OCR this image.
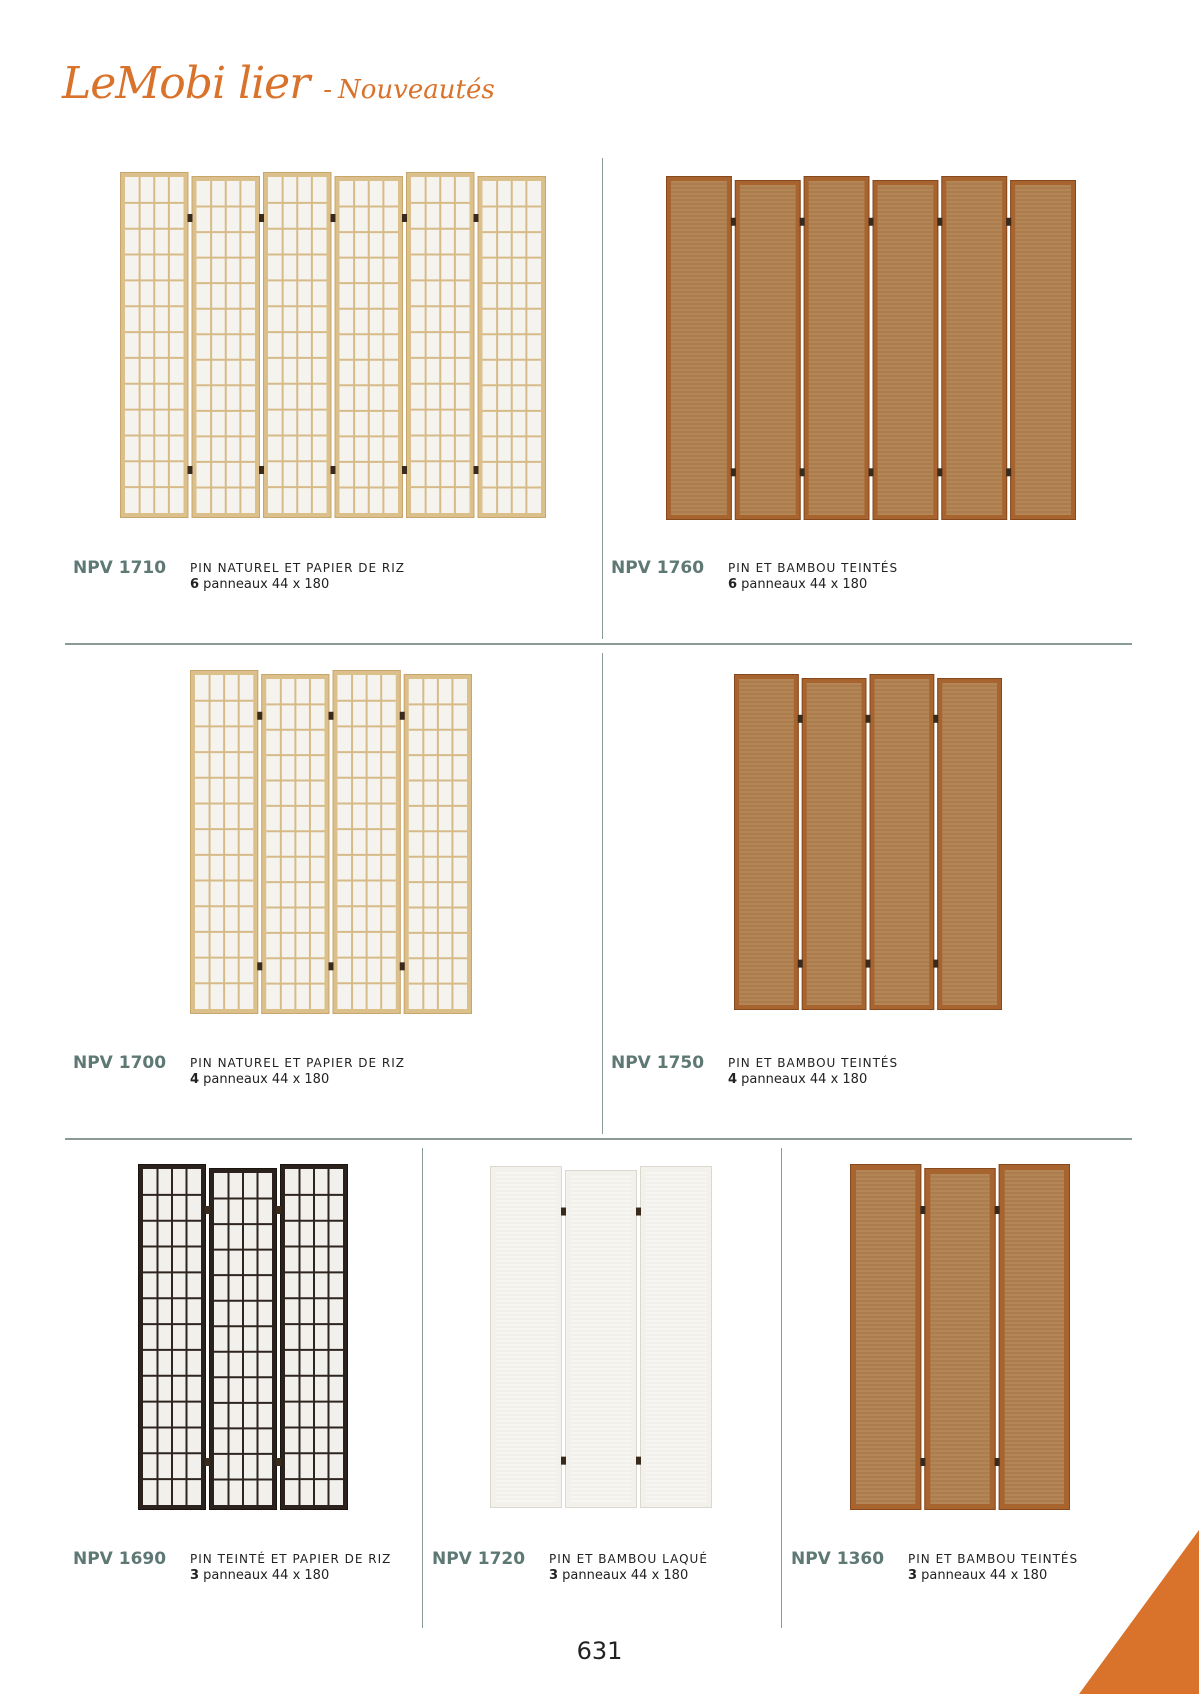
LeMobi lier - Nouveautés
NPV 1710 PIN NATUREL ET PAPIER DE RIZ
6 panneaux 44 x 180
NPV 1760 PIN ET BAMBOU TEINTÉS
6 panneaux 44 x 180
NPV 1700 PIN NATUREL ET PAPIER DE RIZ
4 panneaux 44 x 180
NPV 1750 PIN ET BAMBOU TEINTÉS
4 panneaux 44 x 180
NPV 1690 PIN TEINTÉ ET PAPIER DE RIZ
3 panneaux 44 x 180
NPV 1720 PIN ET BAMBOU LAQUÉ
3 panneaux 44 x 180
NPV 1360 PIN ET BAMBOU TEINTÉS
3 panneaux 44 x 180
631
